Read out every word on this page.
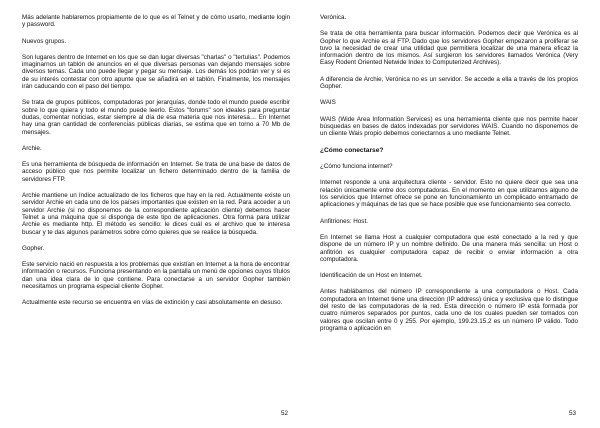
Más adelante hablaremos propiamente de lo que es el Telnet y de cómo usarlo, mediante login y password.

Nuevos grupos.

Son lugares dentro de Internet en los que se dan lugar diversas "charlas" o "tertulias". Podemos imaginarnos un tablón de anuncios en el que diversas personas van dejando mensajes sobre diversos temas. Cada uno puede llegar y pegar su mensaje. Los demás los podrán ver y si es de su interés contestar con otro apunte que se añadirá en el tablón. Finalmente, los mensajes irán caducando con el paso del tiempo.

Se trata de grupos públicos, computadoras por jerarquías, donde todo el mundo puede escribir sobre lo que quiera y todo el mundo puede leerlo. Estos "forums" son ideales para preguntar dudas, comentar noticias, estar siempre al día de esa materia que nos interesa… En Internet hay una gran cantidad de conferencias públicas diarias, se estima que en torno a 70 Mb de mensajes.

Archie.

Es una herramienta de búsqueda de información en Internet. Se trata de una base de datos de acceso público que nos permite localizar un fichero determinado dentro de la familia de servidores FTP.

Archie mantiene un índice actualizado de los ficheros que hay en la red. Actualmente existe un servidor Archie en cada uno de los países importantes que existen en la red. Para acceder a un servidor Archie (si no disponemos de la correspondiente aplicación cliente) debemos hacer Telnet a una máquina que sí disponga de este tipo de aplicaciones. Otra forma para utilizar Archie es mediante http. El método es sencillo: le dices cuál es el archivo que te interesa buscar y te das algunos parámetros sobre cómo quieres que se realice la búsqueda.

Gopher.

Este servicio nació en respuesta a los problemas que existían en Internet a la hora de encontrar información o recursos. Funciona presentando en la pantalla un menú de opciones cuyos títulos dan una idea clara de lo que contiene. Para conectarse a un servidor Gopher también necesitamos un programa especial cliente Gopher.

Actualmente este recurso se encuentra en vías de extinción y casi absolutamente en desuso.

52

Verónica.

Se trata de otra herramienta para buscar información. Podemos decir que Verónica es al Gopher lo que Archie es al FTP. Dado que los servidores Gopher empezaron a proliferar se tuvo la necesidad de crear una utilidad que permitiera localizar de una manera eficaz la información dentro de los mismos. Así surgieron los servidores llamados Verónica (Very Easy Rodent Oriented Netwide Index to Computerized Archives).

A diferencia de Archie, Verónica no es un servidor. Se accede a ella a través de los propios Gopher.

WAIS

WAIS (Wide Area Information Services) es una herramienta cliente que nos permite hacer búsquedas en bases de datos indexadas por servidores WAIS. Cuando no disponemos de un cliente Wais propio debemos conectarnos a uno mediante Telnet.

¿Cómo conectarse?

¿Cómo funciona internet?

Internet responde a una arquitectura cliente - servidor. Esto no quiere decir que sea una relación únicamente entre dos computadoras. En el momento en que utilizamos alguno de los servicios que Internet ofrece se pone en funcionamiento un complicado entramado de aplicaciones y máquinas de las que se hace posible que ese funcionamiento sea correcto.

Anfitriones: Host.

En Internet se llama Host a cualquier computadora que esté conectado a la red y que dispone de un número IP y un nombre definido. De una manera más sencilla: un Host o anfitrión es cualquier computadora capaz de recibir o enviar información a otra computadora.

Identificación de un Host en Internet.

Antes hablábamos del número IP correspondiente a una computadora o Host. Cada computadora en Internet tiene una dirección (IP address) única y exclusiva que lo distingue del resto de las computadoras de la red. Esta dirección o número IP está formada por cuatro números separados por puntos, cada uno de los cuales pueden ser tomados con valores que oscilan entre 0 y 255. Por ejemplo, 199.23.15.2 es un número IP válido. Todo programa o aplicación en

53
